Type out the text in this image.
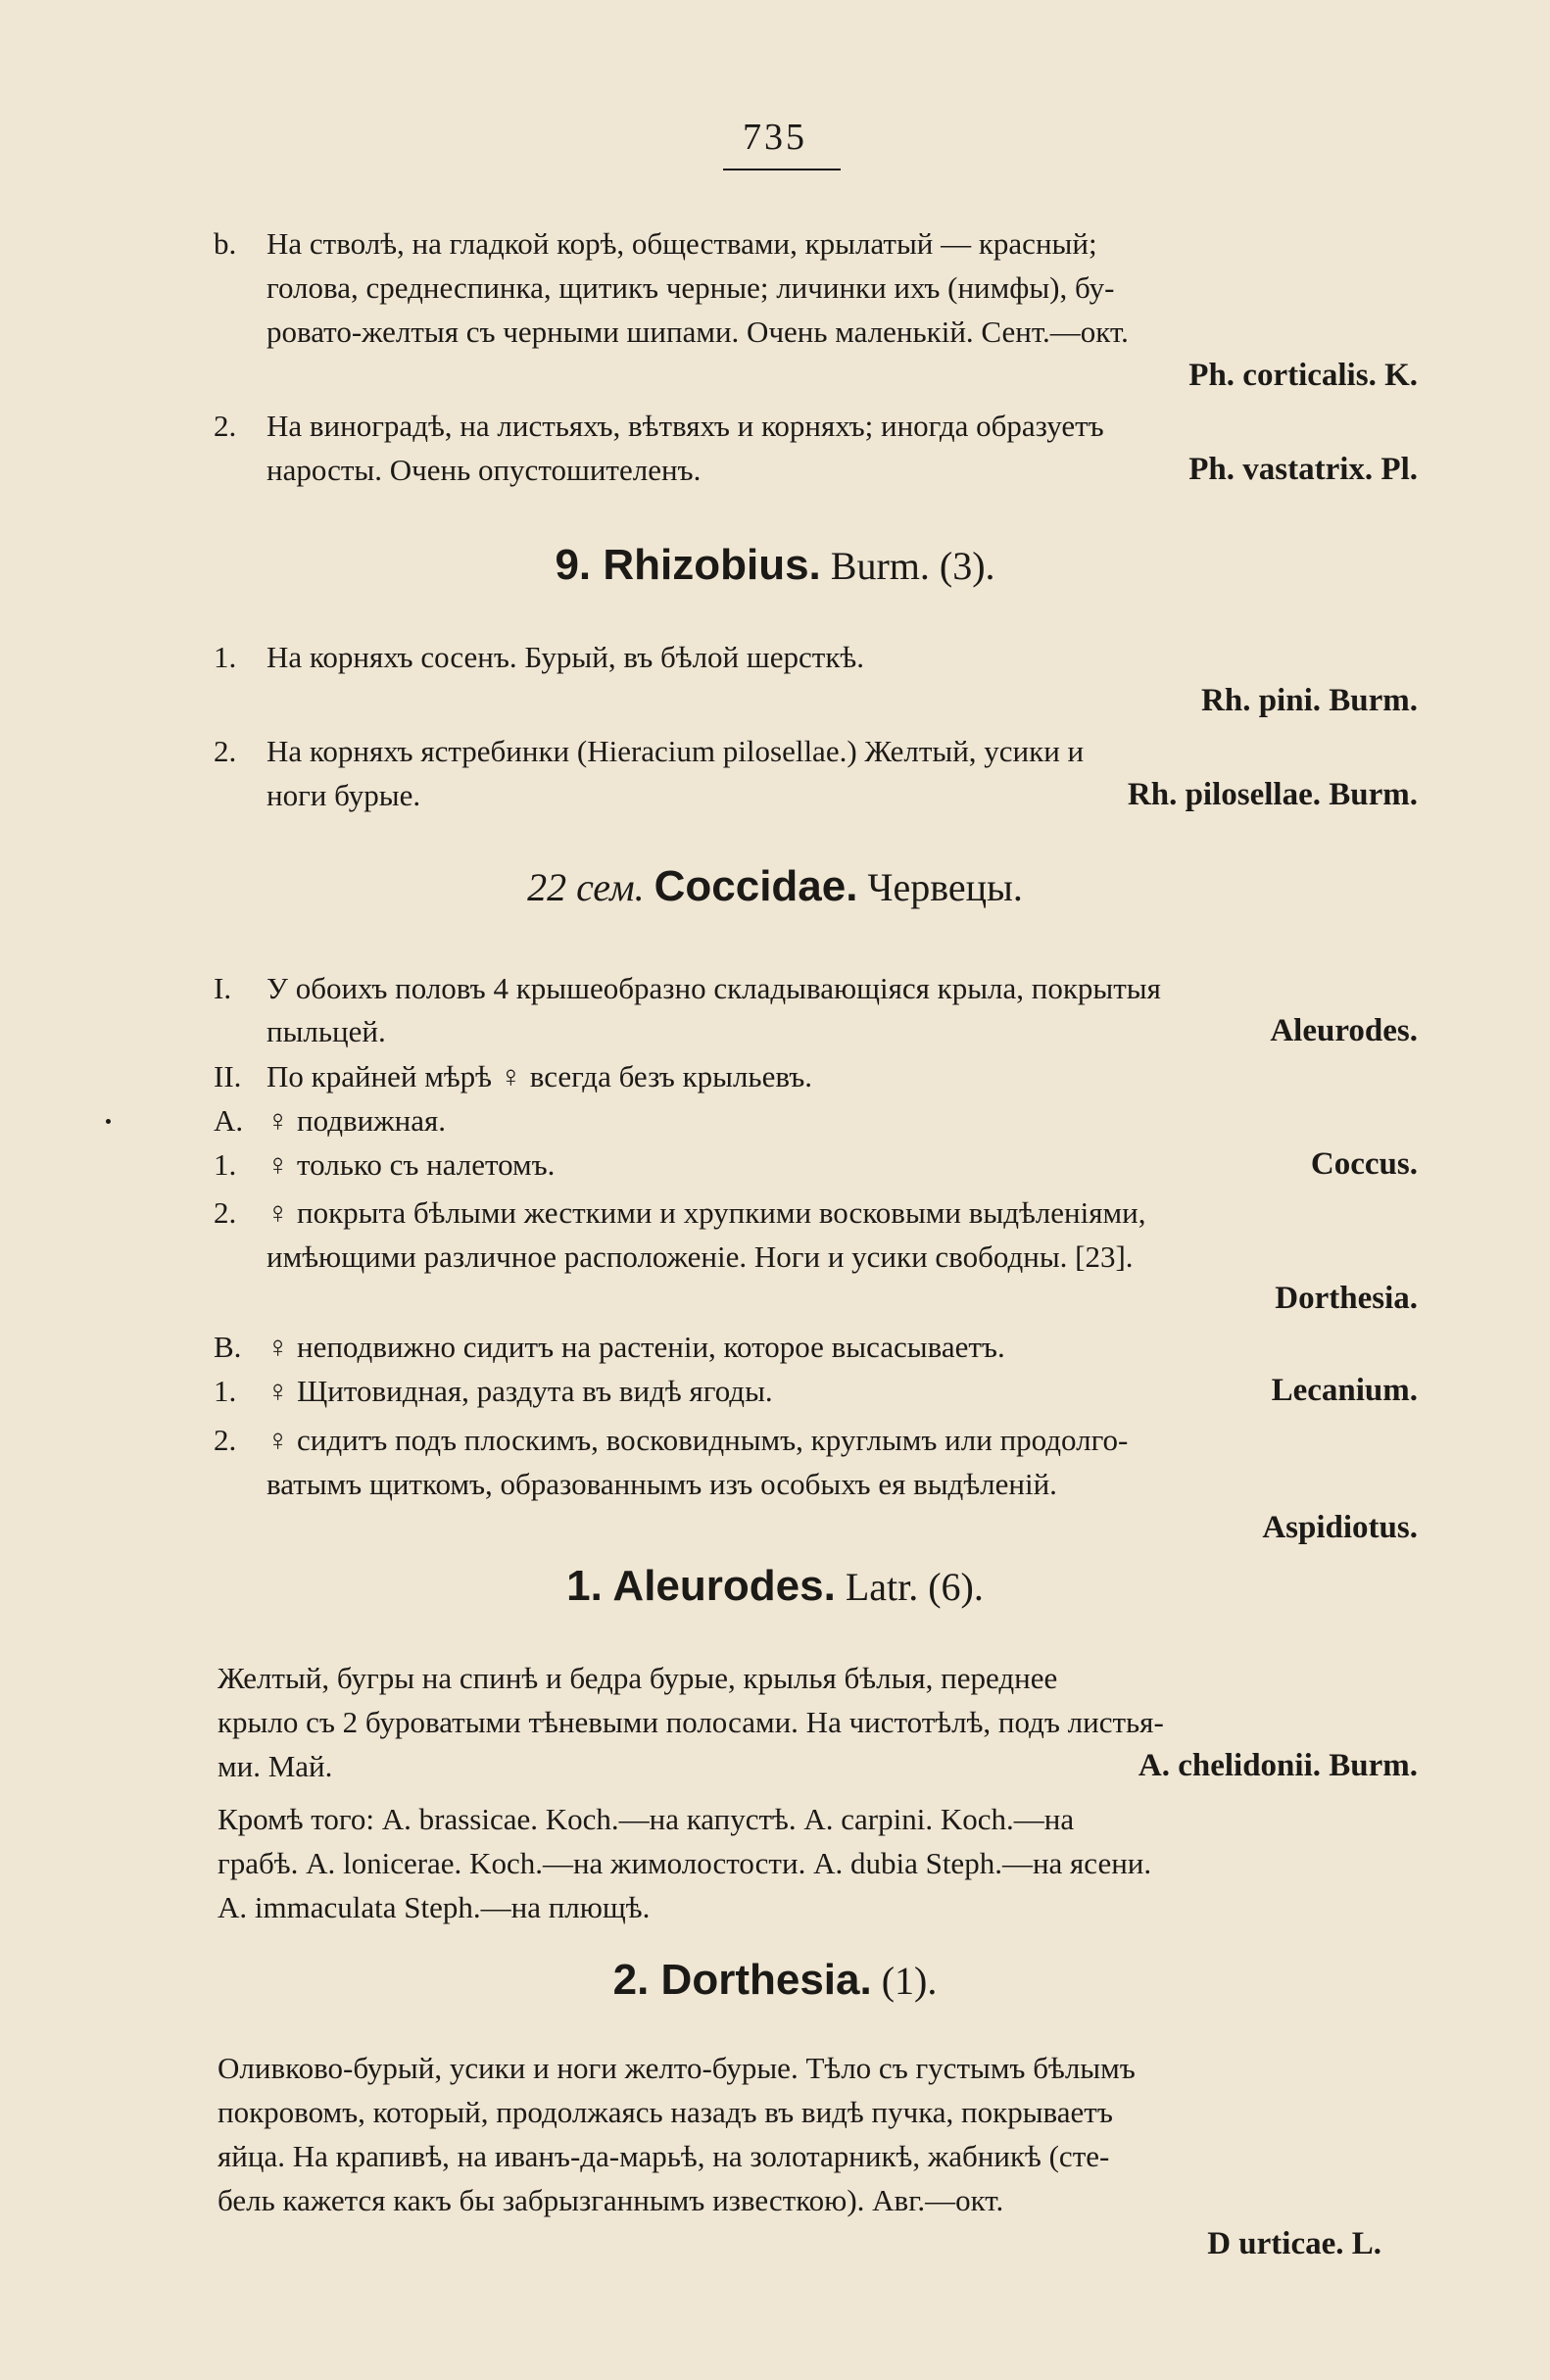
735
b. На стволѣ, на гладкой корѣ, обществами, крылатый — красный;

голова, среднеспинка, щитикъ черные; личинки ихъ (нимфы), бу-

ровато-желтыя съ черными шипами. Очень маленькій. Сент.—окт.

Ph. corticalis. K.
2. На виноградѣ, на листьяхъ, вѣтвяхъ и корняхъ; иногда образуетъ

наросты. Очень опустошителенъ.	Ph. vastatrix. Pl.
9. Rhizobius. Burm. (3).
1. На корняхъ сосенъ. Бурый, въ бѣлой шерсткѣ.
Rh. pini. Burm.
2. На корняхъ ястребинки (Hieracium pilosellae.) Желтый, усики и
ноги бурые.	Rh. pilosellae. Burm.
22 сем. Coccidae. Червецы.
I.	У обоихъ половъ 4 крышеобразно складывающіяся крыла, покрытыя
пыльцей.	Aleurodes.
II. По крайней мѣрѣ ♀ всегда безъ крыльевъ.
A. ♀ подвижная.
1. ♀ только съ налетомъ.	Coccus.
2. ♀ покрыта бѣлыми жесткими и хрупкими восковыми выдѣленіями,
имѣющими различное расположеніе. Ноги и усики свободны. [23].
Dorthesia.
B. ♀ неподвижно сидитъ на растеніи, которое высасываетъ.
1. ♀ Щитовидная, раздута въ видѣ ягоды.	Lecanium.
2. ♀ сидитъ подъ плоскимъ, восковиднымъ, круглымъ или продолго-
ватымъ щиткомъ, образованнымъ изъ особыхъ ея выдѣленій.
Aspidiotus.
1. Aleurodes. Latr. (6).

Желтый, бугры на спинѣ и бедра бурые, крылья бѣлыя, переднее

крыло съ 2 буроватыми тѣневыми полосами. На чистотѣлѣ, подъ листья-

ми. Май.	A. chelidonii. Burm.

Кромѣ того: A. brassicae. Koch.—на капустѣ. A. carpini. Koch.—на

грабѣ. A. lonicerae. Koch.—на жимолостости. A. dubia Steph.—на ясени.

A. immaculata Steph.—на плющѣ.

2. Dorthesia. (1).

Оливково-бурый, усики и ноги желто-бурые. Тѣло съ густымъ бѣлымъ

покровомъ, который, продолжаясь назадъ въ видѣ пучка, покрываетъ

яйца. На крапивѣ, на иванъ-да-марьѣ, на золотарникѣ, жабникѣ (сте-

бель кажется какъ бы забрызганнымъ известкою). Авг.—окт.

D urticae. L.
